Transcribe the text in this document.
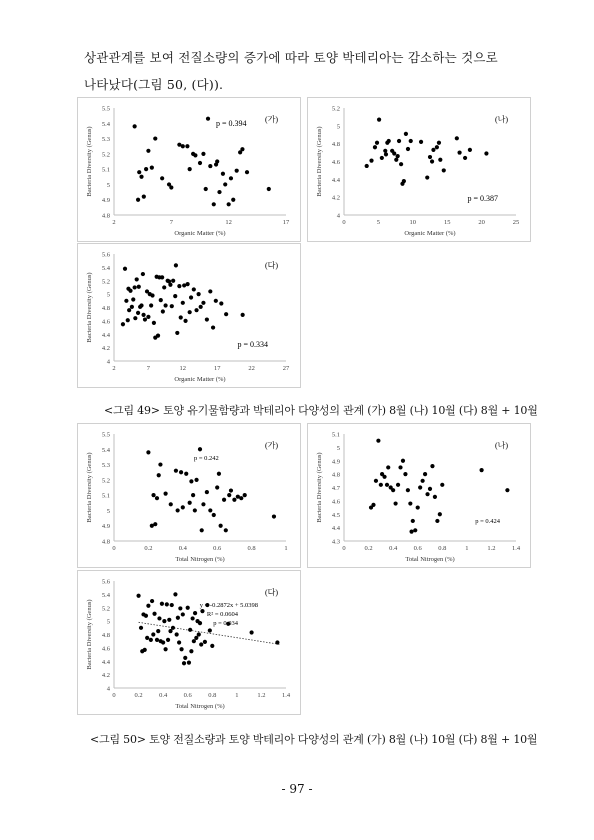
상관관계를 보여 전질소량의 증가에 따라 토양 박테리아는 감소하는 것으로
나타났다(그림 50, (다)).
4.8
4.9
5
5.1
5.2
5.3
5.4
5.5
2	7	12	17
Organic Matter (%)
Bacteria Diversity (Genus)
(가)
p = 0.394
4
4.2
4.4
4.6
4.8
5
5.2
0	5	10	15	20	25
Organic Matter (%)
Bacteria Diversity (Genus)
(나)
p = 0.387
4
4.2
4.4
4.6
4.8
5
5.2
5.4
5.6
2	7	12	17	22	27
Organic Matter (%)
Bacteria Diversity (Genus)
(다)
p = 0.334
<그림 49> 토양 유기물함량과 박테리아 다양성의 관계 (가) 8월 (나) 10월 (다) 8월 + 10월
4.8
4.9
5
5.1
5.2
5.3
5.4
5.5
0	0.2	0.4	0.6	0.8	1
Total Nitrogen (%)
Bacteria Diversity (Genus)
(가)
p = 0.242
4.3
4.4
4.5
4.6
4.7
4.8
4.9
5
5.1
0	0.2	0.4	0.6	0.8	1	1.2	1.4
Total Nitrogen (%)
Bacteria Diversity (Genus)
(나)
p = 0.424
4
4.2
4.4
4.6
4.8
5
5.2
5.4
5.6
0	0.2	0.4	0.6	0.8	1	1.2	1.4
Total Nitrogen (%)
Bacteria Diversity (Genus)
(다)
y = -0.2872x + 5.0398
R² = 0.0604
p = 0.034
<그림 50> 토양 전질소량과 토양 박테리아 다양성의 관계 (가) 8월 (나) 10월 (다) 8월 + 10월
- 97 -
